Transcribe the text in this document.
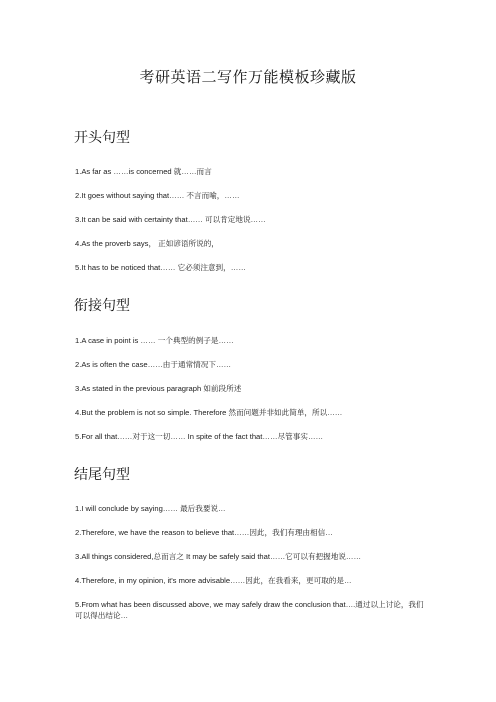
考研英语二写作万能模板珍藏版
开头句型
1.As far as ……is concerned 就……而言
2.It goes without saying that…… 不言而喻，……
3.It can be said with certainty that…… 可以肯定地说……
4.As the proverb says， 正如谚语所说的，
5.It has to be noticed that…… 它必须注意到，……
衔接句型
1.A case in point is …… 一个典型的例子是……
2.As is often the case……由于通常情况下……
3.As stated in the previous paragraph 如前段所述
4.But the problem is not so simple. Therefore 然而问题并非如此简单，所以……
5.For all that……对于这一切…… In spite of the fact that……尽管事实……
结尾句型
1.I will conclude by saying…… 最后我要说…
2.Therefore, we have the reason to believe that……因此，我们有理由相信…
3.All things considered,总而言之 It may be safely said that……它可以有把握地说……
4.Therefore, in my opinion, it's more advisable……因此，在我看来，更可取的是…
5.From what has been discussed above, we may safely draw the conclusion that….通过以上讨论，我们可以得出结论…
